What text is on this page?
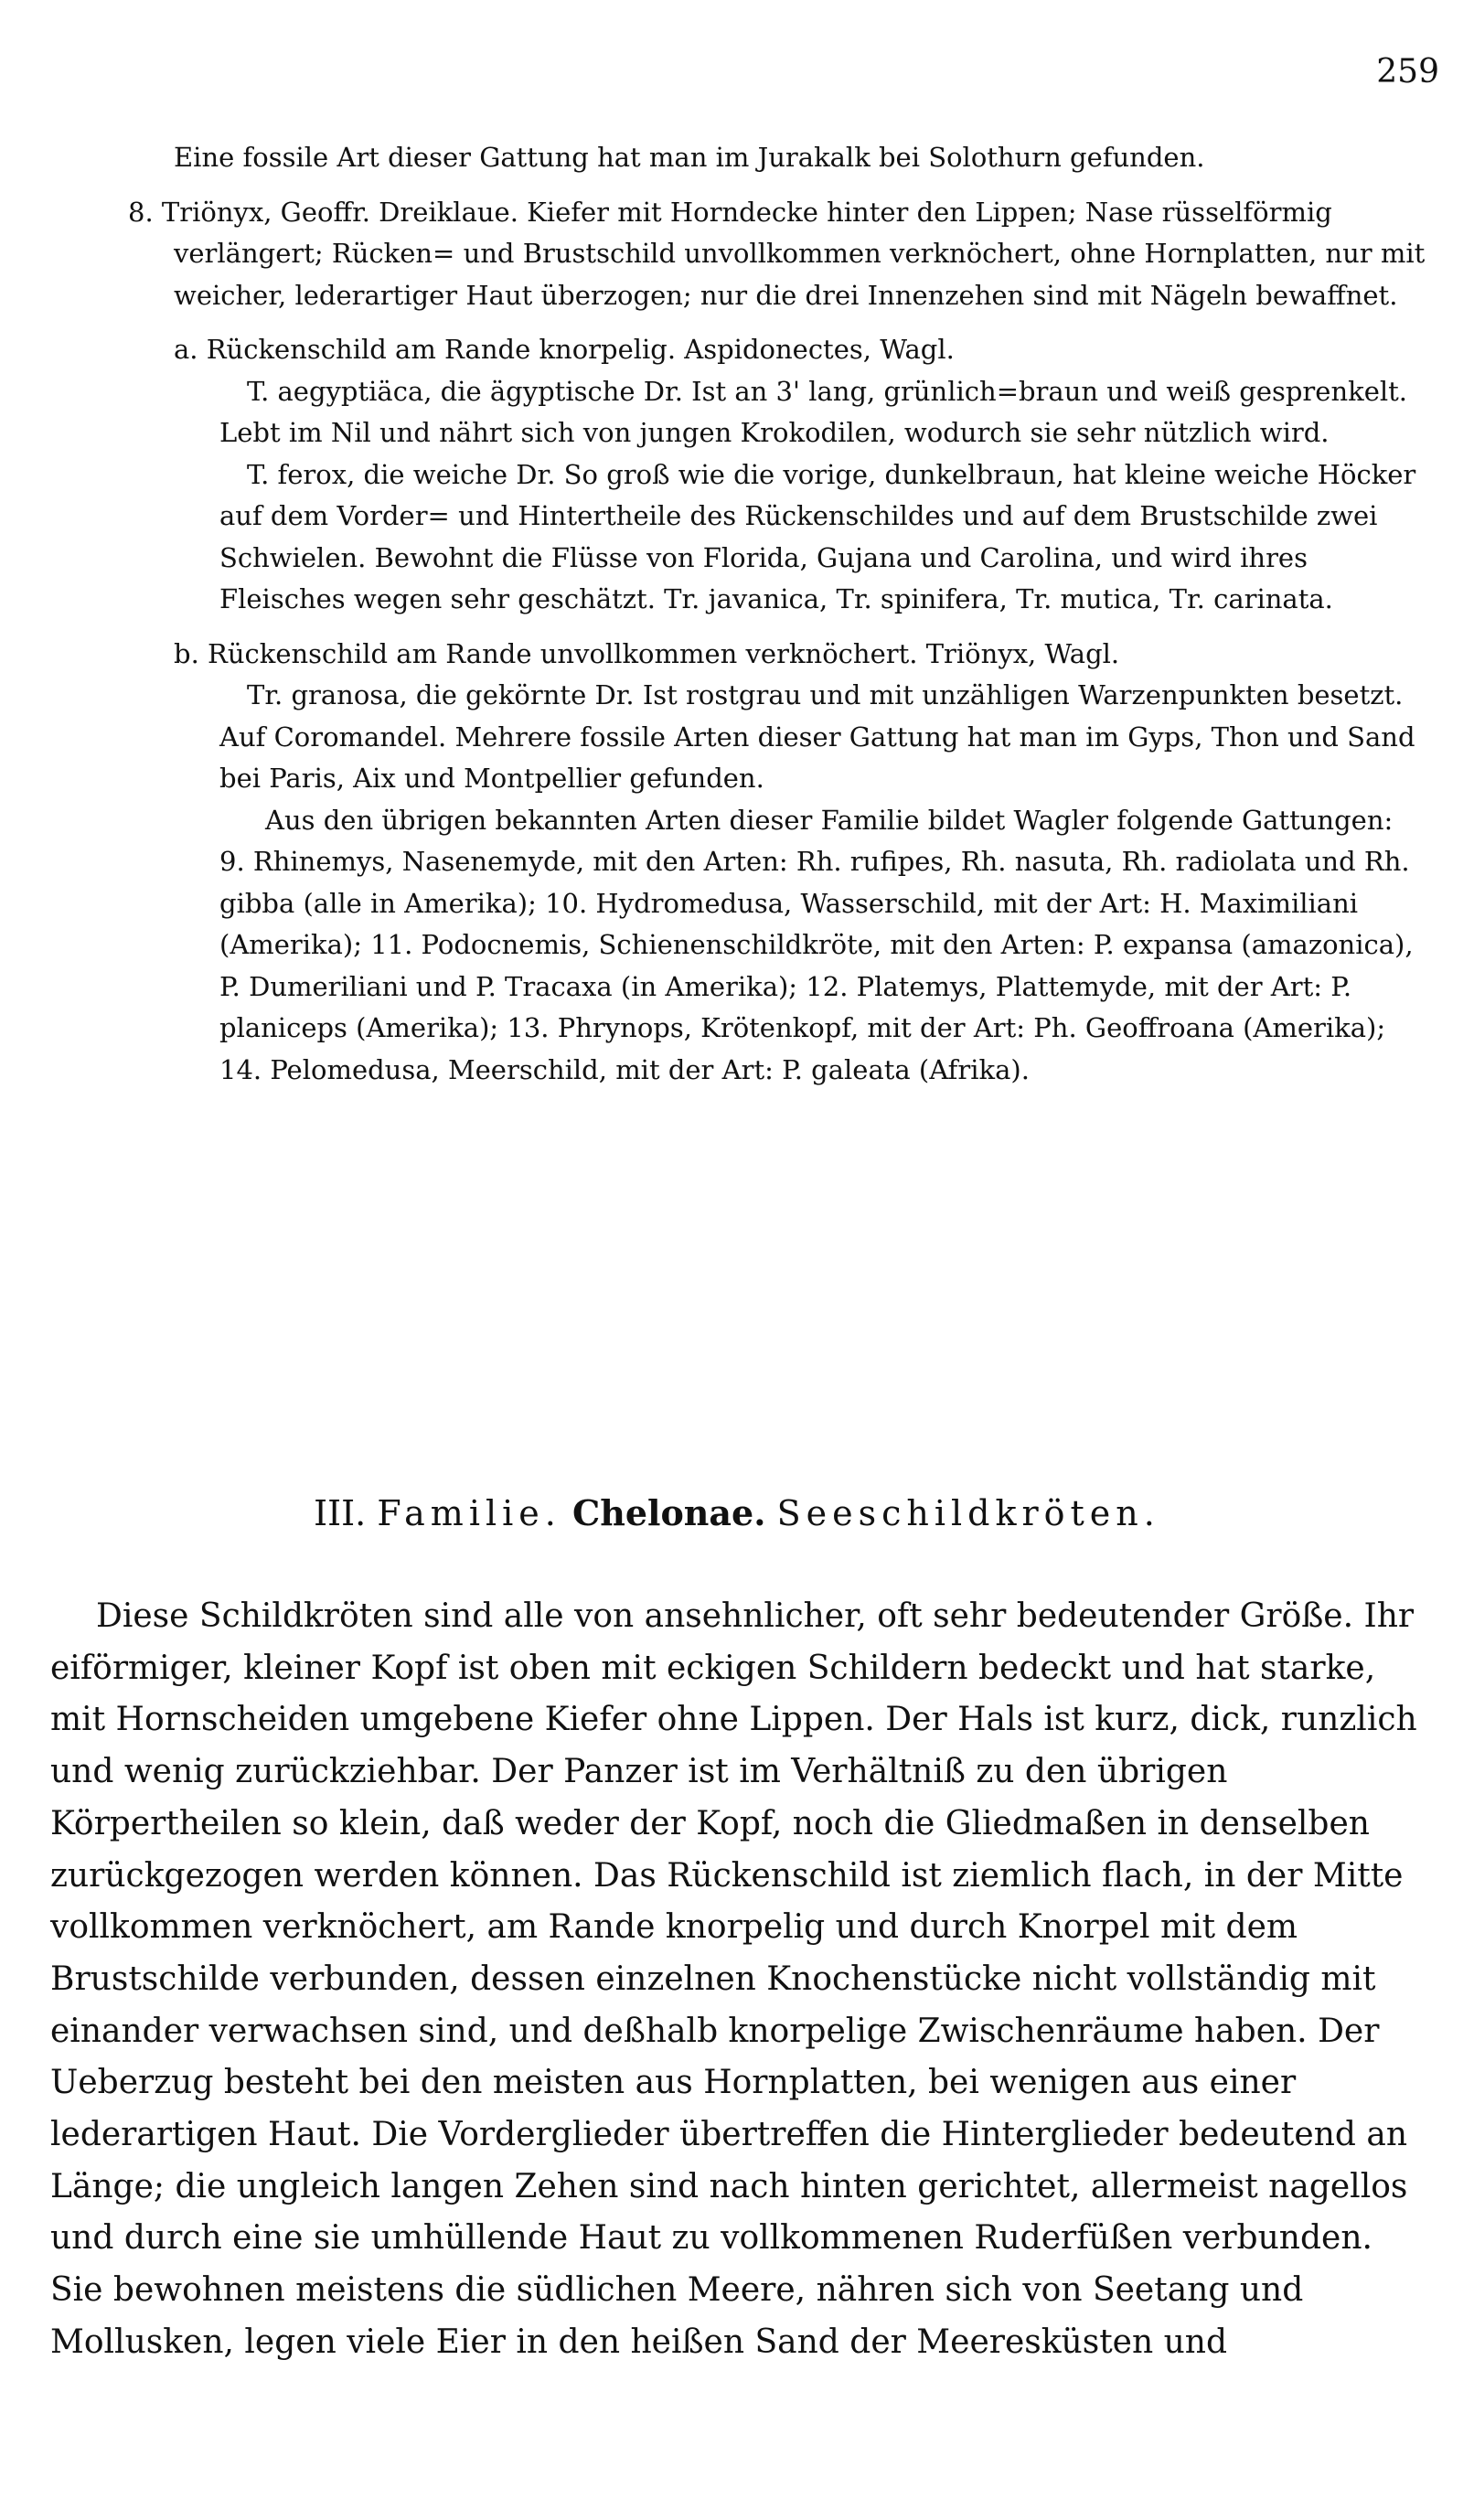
259

Eine fossile Art dieser Gattung hat man im Jurakalk bei Solothurn gefunden.

8. Triönyx, Geoffr. Dreiklaue. Kiefer mit Horndecke hinter den Lippen; Nase rüsselförmig verlängert; Rücken= und Brustschild unvollkommen verknöchert, ohne Hornplatten, nur mit weicher, lederartiger Haut überzogen; nur die drei Innenzehen sind mit Nägeln bewaffnet.

a. Rückenschild am Rande knorpelig. Aspidonectes, Wagl.

T. aegyptiäca, die ägyptische Dr. Ist an 3' lang, grünlich=braun und weiß gesprenkelt. Lebt im Nil und nährt sich von jungen Krokodilen, wodurch sie sehr nützlich wird.

T. ferox, die weiche Dr. So groß wie die vorige, dunkelbraun, hat kleine weiche Höcker auf dem Vorder= und Hintertheile des Rückenschildes und auf dem Brustschilde zwei Schwielen. Bewohnt die Flüsse von Florida, Gujana und Carolina, und wird ihres Fleisches wegen sehr geschätzt. Tr. javanica, Tr. spinifera, Tr. mutica, Tr. carinata.

b. Rückenschild am Rande unvollkommen verknöchert. Triönyx, Wagl.

Tr. granosa, die gekörnte Dr. Ist rostgrau und mit unzähligen Warzenpunkten besetzt. Auf Coromandel. Mehrere fossile Arten dieser Gattung hat man im Gyps, Thon und Sand bei Paris, Aix und Montpellier gefunden.

Aus den übrigen bekannten Arten dieser Familie bildet Wagler folgende Gattungen: 9. Rhinemys, Nasenemyde, mit den Arten: Rh. rufipes, Rh. nasuta, Rh. radiolata und Rh. gibba (alle in Amerika); 10. Hydromedusa, Wasserschild, mit der Art: H. Maximiliani (Amerika); 11. Podocnemis, Schienenschildkröte, mit den Arten: P. expansa (amazonica), P. Dumeriliani und P. Tracaxa (in Amerika); 12. Platemys, Plattemyde, mit der Art: P. planiceps (Amerika); 13. Phrynops, Krötenkopf, mit der Art: Ph. Geoffroana (Amerika); 14. Pelomedusa, Meerschild, mit der Art: P. galeata (Afrika).

III. Familie. Chelonae. Seeschildkröten.

Diese Schildkröten sind alle von ansehnlicher, oft sehr bedeutender Größe. Ihr eiförmiger, kleiner Kopf ist oben mit eckigen Schildern bedeckt und hat starke, mit Hornscheiden umgebene Kiefer ohne Lippen. Der Hals ist kurz, dick, runzlich und wenig zurückziehbar. Der Panzer ist im Verhältniß zu den übrigen Körpertheilen so klein, daß weder der Kopf, noch die Gliedmaßen in denselben zurückgezogen werden können. Das Rückenschild ist ziemlich flach, in der Mitte vollkommen verknöchert, am Rande knorpelig und durch Knorpel mit dem Brustschilde verbunden, dessen einzelnen Knochenstücke nicht vollständig mit einander verwachsen sind, und deßhalb knorpelige Zwischenräume haben. Der Ueberzug besteht bei den meisten aus Hornplatten, bei wenigen aus einer lederartigen Haut. Die Vorderglieder übertreffen die Hinterglieder bedeutend an Länge; die ungleich langen Zehen sind nach hinten gerichtet, allermeist nagellos und durch eine sie umhüllende Haut zu vollkommenen Ruderfüßen verbunden. Sie bewohnen meistens die südlichen Meere, nähren sich von Seetang und Mollusken, legen viele Eier in den heißen Sand der Meeresküsten und
